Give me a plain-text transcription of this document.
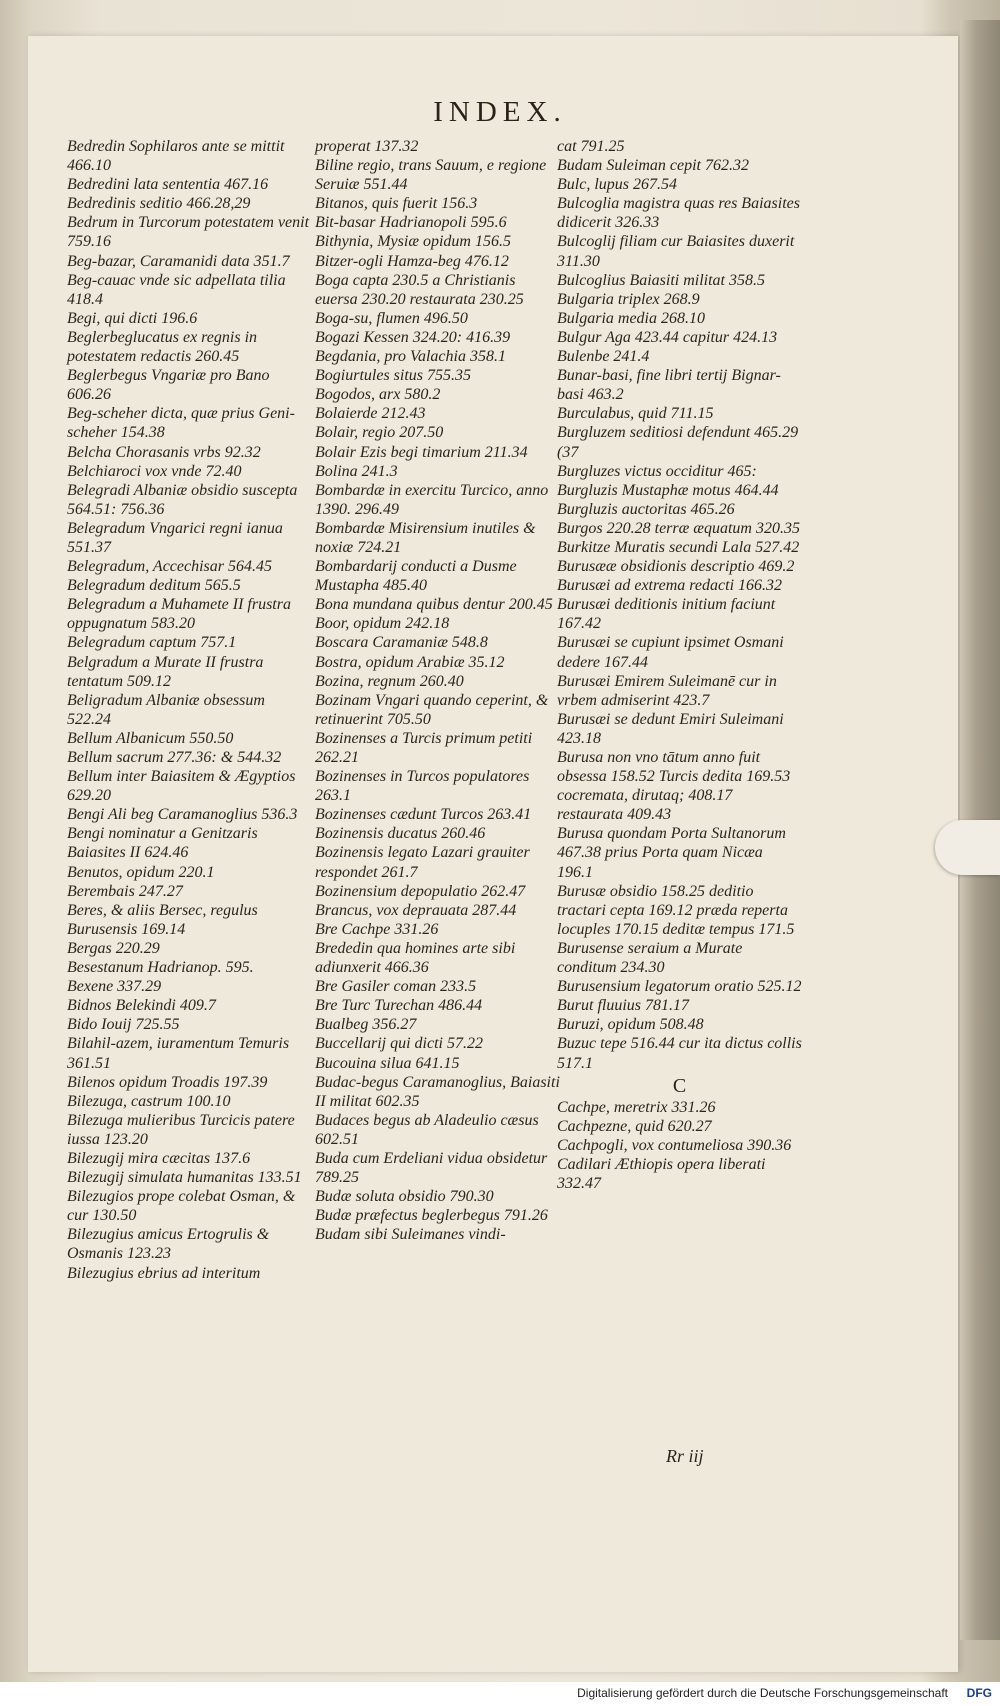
INDEX.
Bedredin Sophilaros ante se mittit 466.10
Bedredini lata sententia 467.16
Bedredinis seditio 466.28,29
Bedrum in Turcorum potestatem venit 759.16
Beg-bazar, Caramanidi data 351.7
Beg-cauac vnde sic adpellata tilia 418.4
Begi, qui dicti 196.6
Beglerbeglucatus ex regnis in potestatem redactis 260.45
Beglerbegus Vngariæ pro Bano 606.26
Beg-scheher dicta, quæ prius Geni-scheher 154.38
Belcha Chorasanis vrbs 92.32
Belchiaroci vox vnde 72.40
Belegradi Albaniæ obsidio suscepta 564.51: 756.36
Belegradum Vngarici regni ianua 551.37
Belegradum, Accechisar 564.45
Belegradum deditum 565.5
Belegradum a Muhamete II frustra oppugnatum 583.20
Belegradum captum 757.1
Belgradum a Murate II frustra tentatum 509.12
Beligradum Albaniæ obsessum 522.24
Bellum Albanicum 550.50
Bellum sacrum 277.36: & 544.32
Bellum inter Baiasitem & Ægyptios 629.20
Bengi Ali beg Caramanoglius 536.3
Bengi nominatur a Genitzaris Baiasites II 624.46
Benutos, opidum 220.1
Berembais 247.27
Beres, & aliis Bersec, regulus Burusensis 169.14
Bergas 220.29
Besestanum Hadrianop. 595.
Bexene 337.29
Bidnos Belekindi 409.7
Bido Iouij 725.55
Bilahil-azem, iuramentum Temuris 361.51
Bilenos opidum Troadis 197.39
Bilezuga, castrum 100.10
Bilezuga mulieribus Turcicis patere iussa 123.20
Bilezugij mira cæcitas 137.6
Bilezugij simulata humanitas 133.51
Bilezugios prope colebat Osman, & cur 130.50
Bilezugius amicus Ertogrulis & Osmanis 123.23
Bilezugius ebrius ad interitum
properat 137.32
Biline regio, trans Sauum, e regione Seruiæ 551.44
Bitanos, quis fuerit 156.3
Bit-basar Hadrianopoli 595.6
Bithynia, Mysiæ opidum 156.5
Bitzer-ogli Hamza-beg 476.12
Boga capta 230.5 a Christianis euersa 230.20 restaurata 230.25
Boga-su, flumen 496.50
Bogazi Kessen 324.20: 416.39
Begdania, pro Valachia 358.1
Bogiurtules situs 755.35
Bogodos, arx 580.2
Bolaierde 212.43
Bolair, regio 207.50
Bolair Ezis begi timarium 211.34
Bolina 241.3
Bombardæ in exercitu Turcico, anno 1390. 296.49
Bombardæ Misirensium inutiles & noxiæ 724.21
Bombardarij conducti a Dusme Mustapha 485.40
Bona mundana quibus dentur 200.45
Boor, opidum 242.18
Boscara Caramaniæ 548.8
Bostra, opidum Arabiæ 35.12
Bozina, regnum 260.40
Bozinam Vngari quando ceperint, & retinuerint 705.50
Bozinenses a Turcis primum petiti 262.21
Bozinenses in Turcos populatores 263.1
Bozinenses cædunt Turcos 263.41
Bozinensis ducatus 260.46
Bozinensis legato Lazari grauiter respondet 261.7
Bozinensium depopulatio 262.47
Brancus, vox deprauata 287.44
Bre Cachpe 331.26
Brededin qua homines arte sibi adiunxerit 466.36
Bre Gasiler coman 233.5
Bre Turc Turechan 486.44
Bualbeg 356.27
Buccellarij qui dicti 57.22
Bucouina silua 641.15
Budac-begus Caramanoglius, Baiasiti II militat 602.35
Budaces begus ab Aladeulio cæsus 602.51
Buda cum Erdeliani vidua obsidetur 789.25
Budæ soluta obsidio 790.30
Budæ præfectus beglerbegus 791.26
Budam sibi Suleimanes vindi-
cat 791.25
Budam Suleiman cepit 762.32
Bulc, lupus 267.54
Bulcoglia magistra quas res Baiasites didicerit 326.33
Bulcoglij filiam cur Baiasites duxerit 311.30
Bulcoglius Baiasiti militat 358.5
Bulgaria triplex 268.9
Bulgaria media 268.10
Bulgur Aga 423.44 capitur 424.13
Bulenbe 241.4
Bunar-basi, fine libri tertij Bignar-basi 463.2
Burculabus, quid 711.15
Burgluzem seditiosi defendunt 465.29 (37
Burgluzes victus occiditur 465:
Burgluzis Mustaphæ motus 464.44
Burgluzis auctoritas 465.26
Burgos 220.28 terræ æquatum 320.35
Burkitze Muratis secundi Lala 527.42
Burusææ obsidionis descriptio 469.2
Burusæi ad extrema redacti 166.32
Burusæi deditionis initium faciunt 167.42
Burusæi se cupiunt ipsimet Osmani dedere 167.44
Burusæi Emirem Suleimanē cur in vrbem admiserint 423.7
Burusæi se dedunt Emiri Suleimani 423.18
Burusa non vno tātum anno fuit obsessa 158.52 Turcis dedita 169.53 cocremata, dirutaq; 408.17 restaurata 409.43
Burusa quondam Porta Sultanorum 467.38 prius Porta quam Nicæa 196.1
Burusæ obsidio 158.25 deditio tractari cepta 169.12 præda reperta locuples 170.15 deditæ tempus 171.5
Burusense seraium a Murate conditum 234.30
Burusensium legatorum oratio 525.12
Burut fluuius 781.17
Buruzi, opidum 508.48
Buzuc tepe 516.44 cur ita dictus collis 517.1
C
Cachpe, meretrix 331.26
Cachpezne, quid 620.27
Cachpogli, vox contumeliosa 390.36
Cadilari Æthiopis opera liberati 332.47
Rr iij
Digitalisierung gefördert durch die Deutsche Forschungsgemeinschaft DFG
